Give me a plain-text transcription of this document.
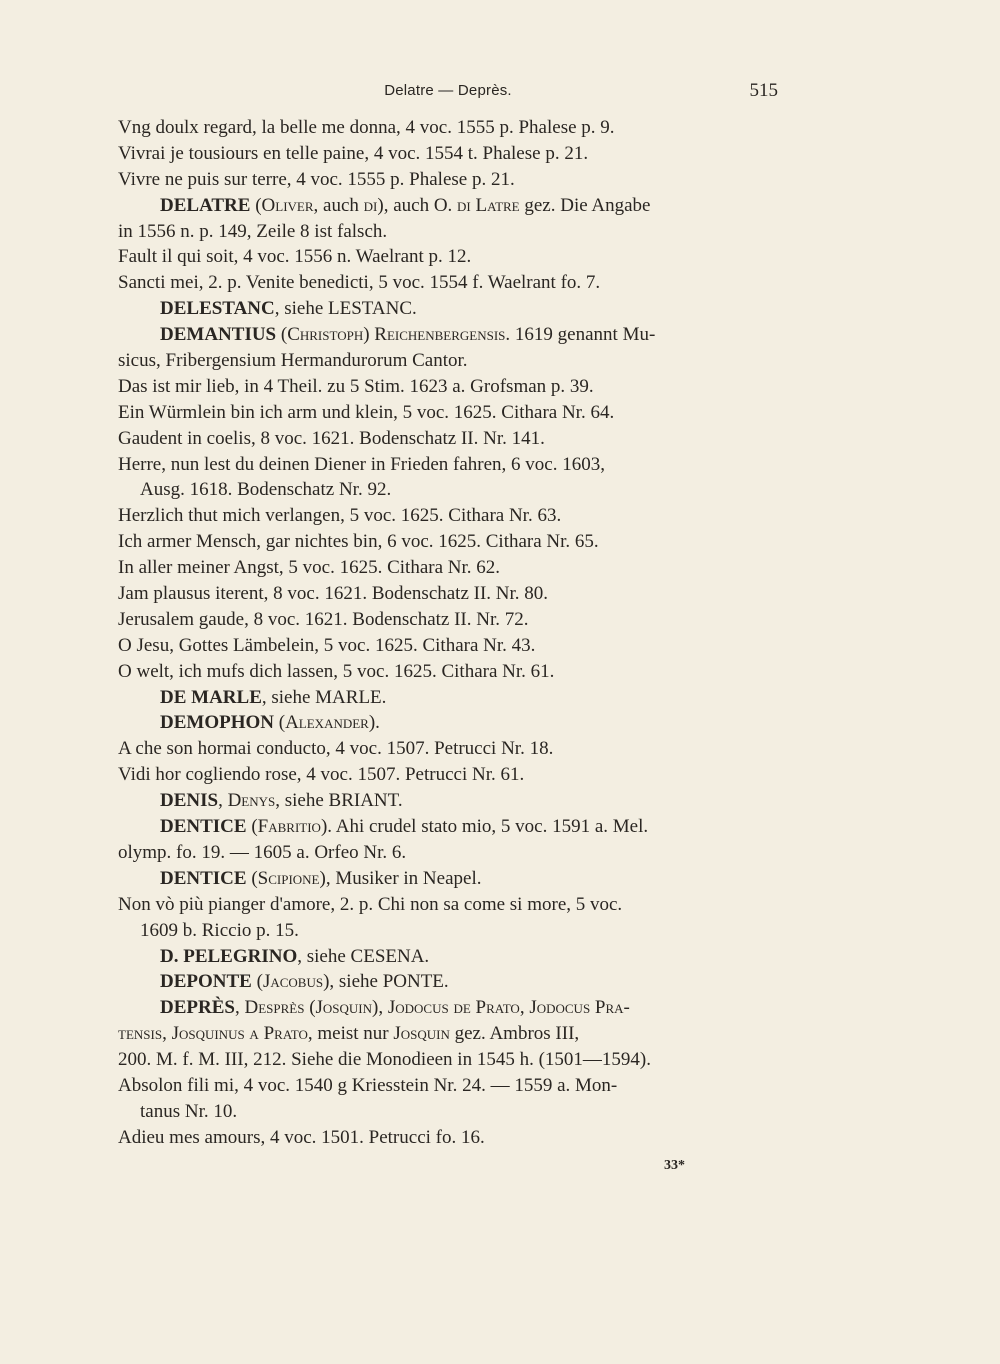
Delatre — Deprès.	515
Vng doulx regard, la belle me donna, 4 voc. 1555 p. Phalese p. 9.
Vivrai je tousiours en telle paine, 4 voc. 1554 t. Phalese p. 21.
Vivre ne puis sur terre, 4 voc. 1555 p. Phalese p. 21.
DELATRE (Oliver, auch di), auch O. di Latre gez. Die Angabe
in 1556 n. p. 149, Zeile 8 ist falsch.
Fault il qui soit, 4 voc. 1556 n. Waelrant p. 12.
Sancti mei, 2. p. Venite benedicti, 5 voc. 1554 f. Waelrant fo. 7.
DELESTANC, siehe LESTANC.
DEMANTIUS (Christoph) Reichenbergensis. 1619 genannt Mu-
sicus, Fribergensium Hermandurorum Cantor.
Das ist mir lieb, in 4 Theil. zu 5 Stim. 1623 a. Grofsman p. 39.
Ein Würmlein bin ich arm und klein, 5 voc. 1625. Cithara Nr. 64.
Gaudent in coelis, 8 voc. 1621. Bodenschatz II. Nr. 141.
Herre, nun lest du deinen Diener in Frieden fahren, 6 voc. 1603,
Ausg. 1618. Bodenschatz Nr. 92.
Herzlich thut mich verlangen, 5 voc. 1625. Cithara Nr. 63.
Ich armer Mensch, gar nichtes bin, 6 voc. 1625. Cithara Nr. 65.
In aller meiner Angst, 5 voc. 1625. Cithara Nr. 62.
Jam plausus iterent, 8 voc. 1621. Bodenschatz II. Nr. 80.
Jerusalem gaude, 8 voc. 1621. Bodenschatz II. Nr. 72.
O Jesu, Gottes Lämbelein, 5 voc. 1625. Cithara Nr. 43.
O welt, ich mufs dich lassen, 5 voc. 1625. Cithara Nr. 61.
DE MARLE, siehe MARLE.
DEMOPHON (Alexander).
A che son hormai conducto, 4 voc. 1507. Petrucci Nr. 18.
Vidi hor cogliendo rose, 4 voc. 1507. Petrucci Nr. 61.
DENIS, Denys, siehe BRIANT.
DENTICE (Fabritio). Ahi crudel stato mio, 5 voc. 1591 a. Mel.
olymp. fo. 19. — 1605 a. Orfeo Nr. 6.
DENTICE (Scipione), Musiker in Neapel.
Non vò più pianger d'amore, 2. p. Chi non sa come si more, 5 voc.
1609 b. Riccio p. 15.
D. PELEGRINO, siehe CESENA.
DEPONTE (Jacobus), siehe PONTE.
DEPRÈS, Desprès (Josquin), Jodocus de Prato, Jodocus Pra-
tensis, Josquinus a Prato, meist nur Josquin gez. Ambros III,
200. M. f. M. III, 212. Siehe die Monodieen in 1545 h. (1501—1594).
Absolon fili mi, 4 voc. 1540 g Kriesstein Nr. 24. — 1559 a. Mon-
tanus Nr. 10.
Adieu mes amours, 4 voc. 1501. Petrucci fo. 16.
33*
